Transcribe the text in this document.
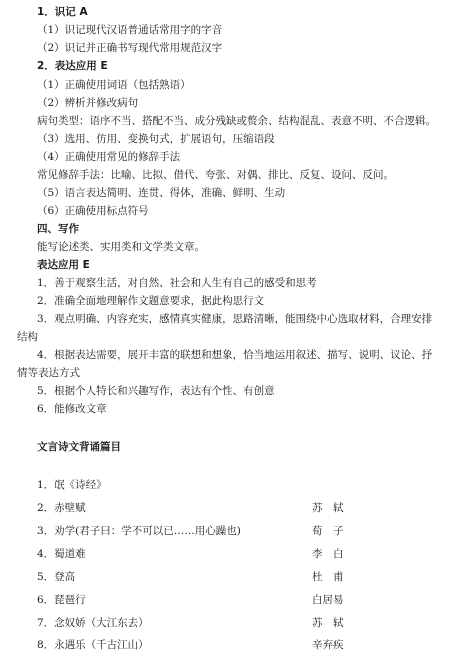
1．识记 A
（1）识记现代汉语普通话常用字的字音
（2）识记并正确书写现代常用规范汉字
2．表达应用 E
（1）正确使用词语（包括熟语）
（2）辨析并修改病句
病句类型：语序不当、搭配不当、成分残缺或赘余、结构混乱、表意不明、不合逻辑。
（3）选用、仿用、变换句式，扩展语句，压缩语段
（4）正确使用常见的修辞手法
常见修辞手法：比喻、比拟、借代、夸张、对偶、排比、反复、设问、反问。
（5）语言表达简明、连贯、得体，准确、鲜明、生动
（6）正确使用标点符号
四、写作
能写论述类、实用类和文学类文章。
表达应用 E
1．善于观察生活，对自然、社会和人生有自己的感受和思考
2．准确全面地理解作文题意要求，据此构思行文
3．观点明确、内容充实，感情真实健康，思路清晰，能围绕中心选取材料，合理安排
结构
4．根据表达需要，展开丰富的联想和想象，恰当地运用叙述、描写、说明、议论、抒
情等表达方式
5．根据个人特长和兴趣写作，表达有个性、有创意
6．能修改文章
文言诗文背诵篇目
1．氓《诗经》
2．赤壁赋	苏　轼
3．劝学(君子曰：学不可以已……用心躁也)	荀　子
4．蜀道难	李　白
5．登高	杜　甫
6．琵琶行	白居易
7．念奴娇（大江东去）	苏　轼
8．永遇乐（千古江山）	辛弃疾
